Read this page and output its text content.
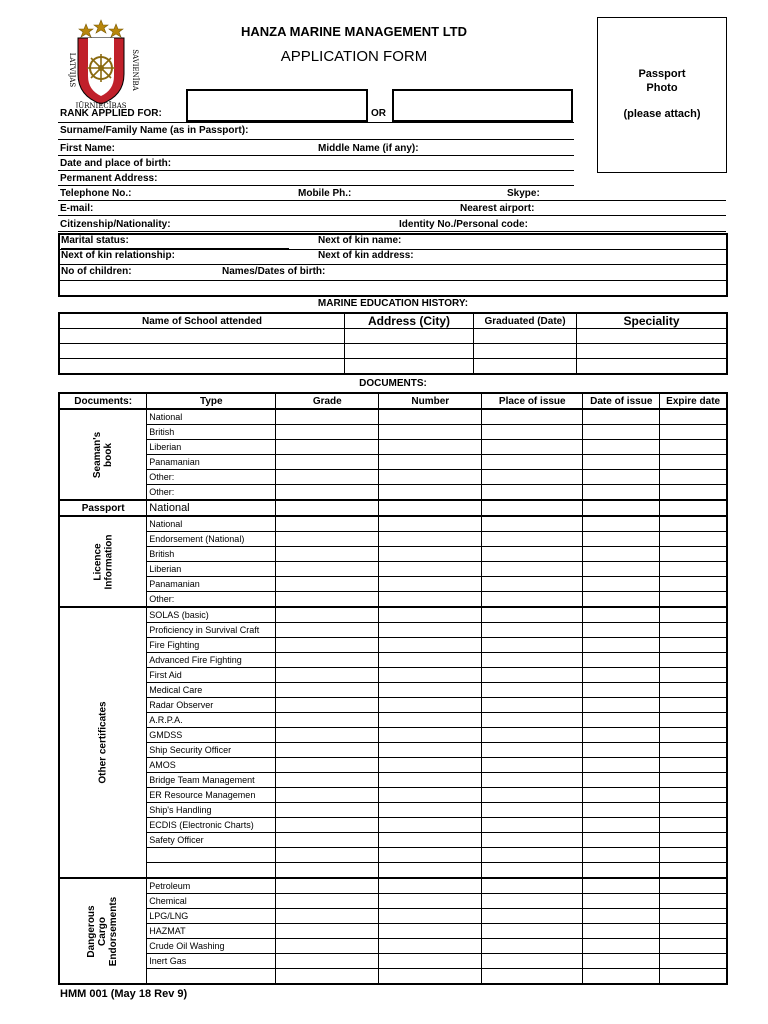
LATVIJAS	SAVIENĪBA
JŪRNIECĪBAS
HANZA MARINE MANAGEMENT LTD
APPLICATION FORM
Passport
Photo
(please attach)
RANK APPLIED FOR:	OR
Surname/Family Name (as in Passport):
First Name:	Middle Name (if any):
Date and place of birth:
Permanent Address:
Telephone No.:	Mobile Ph.:	Skype:
E-mail:	Nearest airport:
Citizenship/Nationality:	Identity No./Personal code:
Marital status:	Next of kin name:
Next of kin relationship:	Next of kin address:
No of children:	Names/Dates of birth:
MARINE EDUCATION HISTORY:
Name of School attended	Address (City)	Graduated (Date)	Speciality

DOCUMENTS:
Documents:	Type	Grade	Number	Place of issue	Date of issue	Expire date

Seaman's book	National					
	British					
	Liberian					
	Panamanian					
	Other:					
	Other:					
Passport	National					

Licence Information	National					
	Endorsement (National)					
	British					
	Liberian					
	Panamanian					
	Other:					

Other certificates	SOLAS (basic)					
	Proficiency in Survival Craft					
	Fire Fighting					
	Advanced Fire Fighting					
	First Aid					
	Medical Care					
	Radar Observer					
	A.R.P.A.					
	GMDSS					
	Ship Security Officer					
	AMOS					
	Bridge Team Management					
	ER Resource Managemen					
	Ship's Handling					
	ECDIS (Electronic Charts)					
	Safety Officer					

Dangerous Cargo Endorsements	Petroleum					
	Chemical					
	LPG/LNG					
	HAZMAT					
	Crude Oil Washing					
	Inert Gas					

HMM 001 (May 18 Rev 9)
